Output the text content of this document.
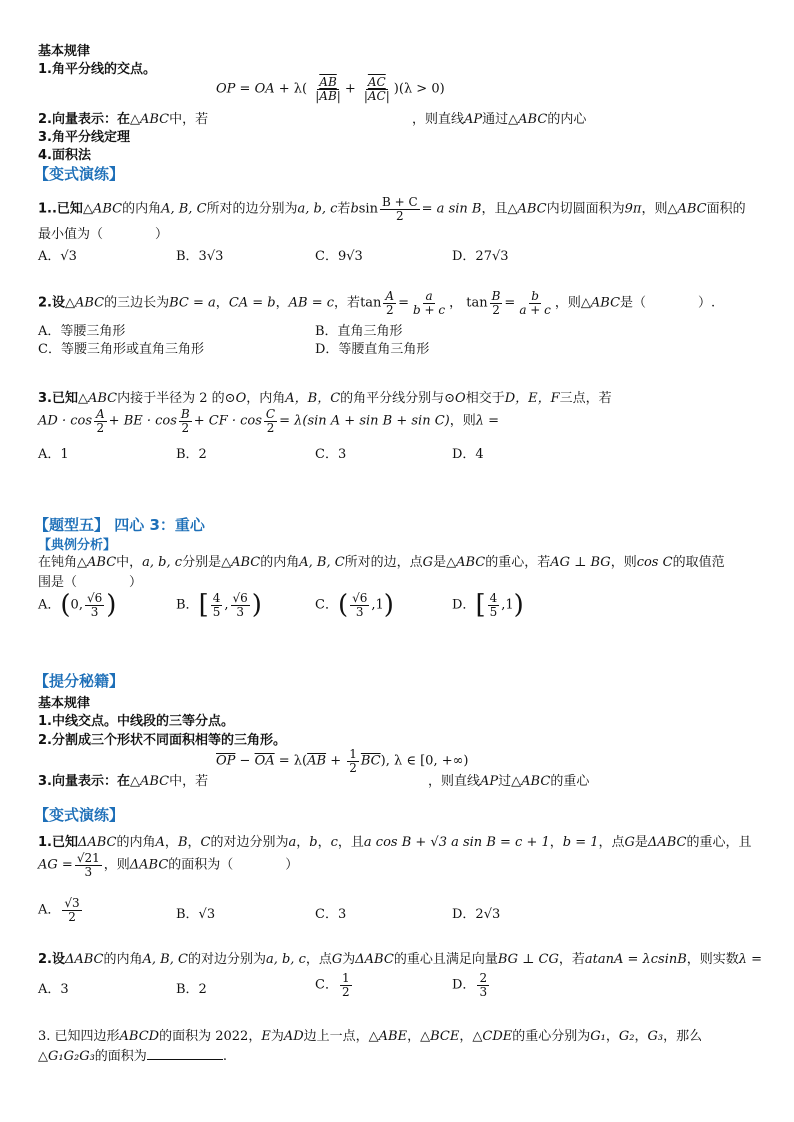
基本规律
1.角平分线的交点。
OP = OA + $\lambda( \frac{\overline{AB}}{|\overline{AB}|} + \frac{\overline{AC}}{|\overline{AC}|} )(\lambda > 0)$
2.向量表示：在△ABC中，若	，则直线AP通过△ABC的内心
3.角平分线定理
4.面积法
【变式演练】
1..已知△ABC的内角A, B, C所对的边分别为a, b, c若bsin $\frac{B + C}{2} = a$ sin B，且△ABC内切圆面积为9π，则△ABC面积的
最小值为（　　　　）
A．√3	B．3√3	C．9√3	D．27√3
2.设△ABC的三边长为BC = a，CA = b，AB = c，若$\tan \frac{A}{2} = \frac{a}{b + c}$ ， $\tan \frac{B}{2} = \frac{b}{a + c}$ ，则△ABC是（　　　　）.
A．等腰三角形	B．直角三角形
C．等腰三角形或直角三角形	D．等腰直角三角形
3.已知△ABC内接于半径为 2 的⊙O，内角A，B，C的角平分线分别与⊙O相交于D，E，F三点，若
AD · $\cos \frac{A}{2}$ + BE · $\cos \frac{B}{2}$ + CF · $\cos \frac{C}{2} = \lambda(\sin$ A + sin B + sin C)，则λ =
A．1	B．2	C．3	D．4
【题型五】 四心 3：重心
【典例分析】
在钝角△ABC中，a, b, c分别是△ABC的内角A, B, C所对的边，点G是△ABC的重心，若AG ⊥ BG，则cos C的取值范
围是（　　　　）
A．(0, $\frac{√6}{3}$ )	B．[ $\frac{4}{5}$ , $\frac{√6}{3}$ )	C．( $\frac{√6}{3} ,1$)	D．[ $\frac{4}{5} ,1$)
【提分秘籍】
基本规律
1.中线交点。中线段的三等分点。
2.分割成三个形状不同面积相等的三角形。
$\overline{OP} - \overline{OA} = \lambda(\overline{AB} + \frac{1}{2} \overline{BC})$, λ ∈ [0, +∞)
3.向量表示：在△ABC中，若	，则直线AP过△ABC的重心
【变式演练】
1.已知ΔABC的内角A，B，C的对边分别为a，b，c，且a cos B + √3 a sin B = c + 1，b = 1，点G是ΔABC的重心，且
AG = $\frac{√21}{3}$ ，则ΔABC的面积为（　　　　）
A． $\frac{√3}{2}$	B．√3	C．3	D．2√3
2.设ΔABC的内角A, B, C的对边分别为a, b, c，点G为ΔABC的重心且满足向量BG ⊥ CG，若atanA = λcsinB，则实数λ =
A．3	B．2	C． $\frac{1}{2}$	D． $\frac{2}{3}$
3. 已知四边形ABCD的面积为 2022，E为AD边上一点，△ABE，△BCE，△CDE的重心分别为G₁，G₂，G₃，那么
△G₁G₂G₃的面积为	.
